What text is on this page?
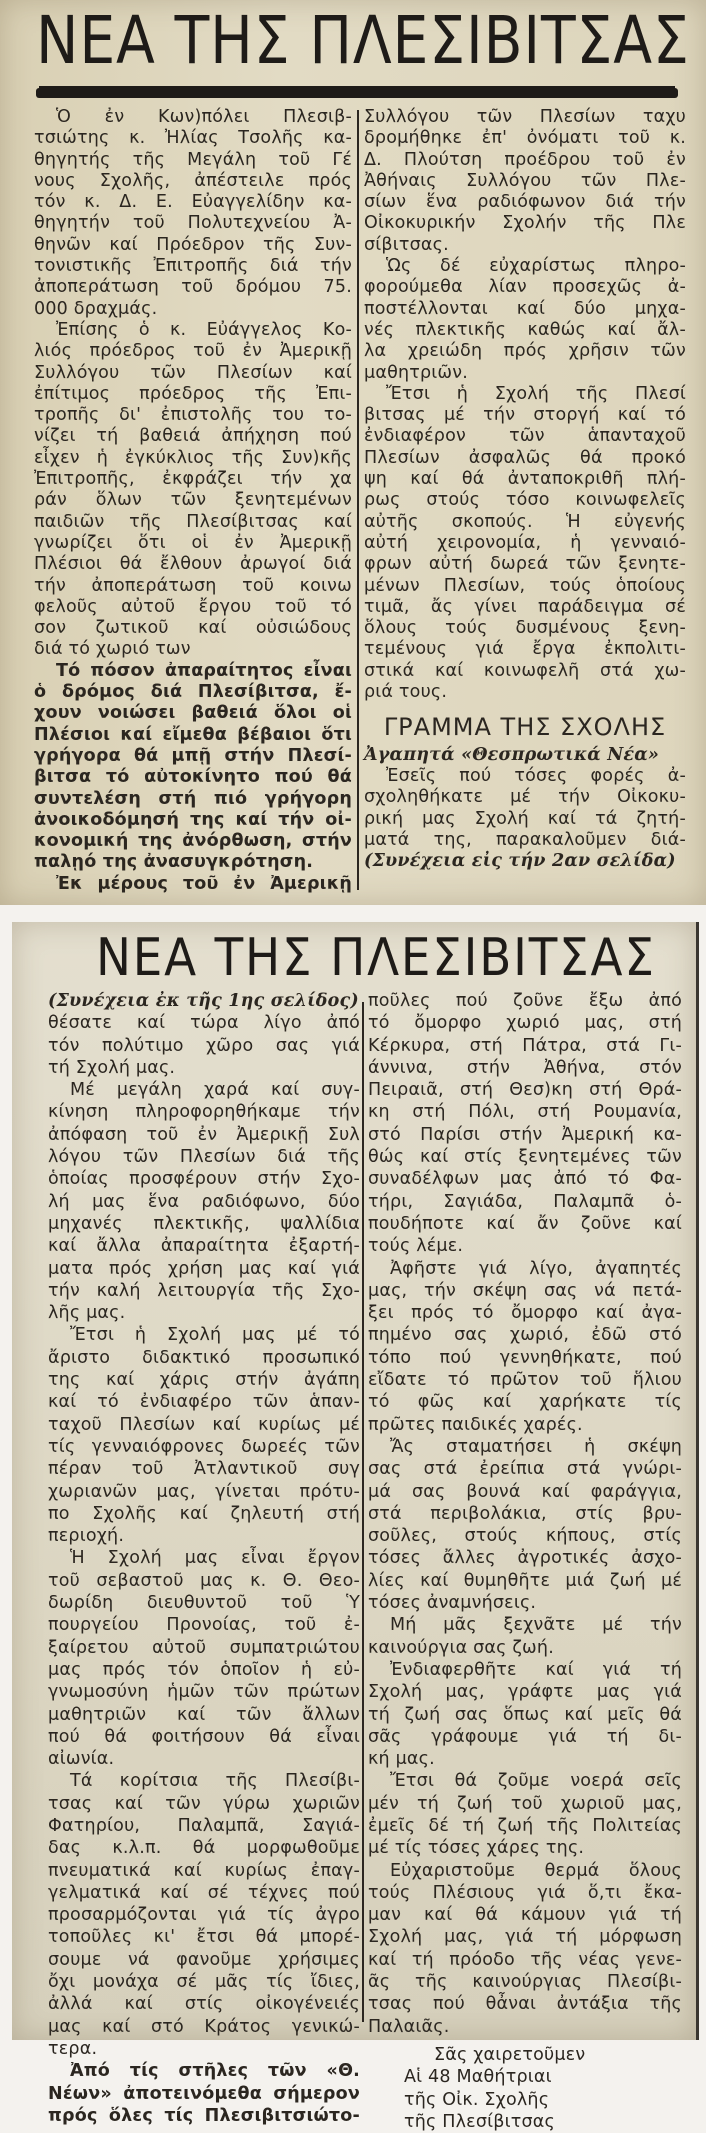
ΝΕΑ ΤΗΣ ΠΛΕΣΙΒΙΤΣΑΣ
Ὁ ἐν Κων)πόλει Πλεσιβ-
τσιώτης κ. Ἠλίας Τσολῆς κα-
θηγητής τῆς Μεγάλη τοῦ Γέ
νους Σχολῆς, ἀπέστειλε πρός
τόν κ. Δ. Ε. Εὐαγγελίδην κα-
θηγητήν τοῦ Πολυτεχνείου Ἀ-
θηνῶν καί Πρόεδρον τῆς Συν-
τονιστικῆς Ἐπιτροπῆς διά τήν
ἀποπεράτωση τοῦ δρόμου 75.
000 δραχμάς.
Ἐπίσης ὁ κ. Εὐάγγελος Κο-
λιός πρόεδρος τοῦ ἐν Ἀμερικῇ
Συλλόγου τῶν Πλεσίων καί
ἐπίτιμος πρόεδρος τῆς Ἐπι-
τροπῆς δι' ἐπιστολῆς του το-
νίζει τή βαθειά ἀπήχηση πού
εἶχεν ἡ ἐγκύκλιος τῆς Συν)κῆς
Ἐπιτροπῆς, ἐκφράζει τήν χα
ράν ὅλων τῶν ξενητεμένων
παιδιῶν τῆς Πλεσίβιτσας καί
γνωρίζει ὅτι οἱ ἐν Ἀμερικῇ
Πλέσιοι θά ἔλθουν ἀρωγοί διά
τήν ἀποπεράτωση τοῦ κοινω
φελοῦς αὐτοῦ ἔργου τοῦ τό
σον ζωτικοῦ καί οὐσιώδους
διά τό χωριό των
Τό πόσον ἀπαραίτητος εἶναι
ὁ δρόμος διά Πλεσίβιτσα, ἔ-
χουν νοιώσει βαθειά ὅλοι οἱ
Πλέσιοι καί εἴμεθα βέβαιοι ὅτι
γρήγορα θά μπῇ στήν Πλεσί-
βιτσα τό αὐτοκίνητο πού θά
συντελέση στή πιό γρήγορη
ἀνοικοδόμησή της καί τήν οἰ-
κονομική της ἀνόρθωση, στήν
παλῃό της ἀνασυγκρότηση.
Ἐκ μέρους τοῦ ἐν Ἀμερικῇ
Συλλόγου τῶν Πλεσίων ταχυ
δρομήθηκε ἐπ' ὀνόματι τοῦ κ.
Δ. Πλούτση προέδρου τοῦ ἐν
Ἀθήναις Συλλόγου τῶν Πλε-
σίων ἕνα ραδιόφωνον διά τήν
Οἰκοκυρικήν Σχολήν τῆς Πλε
σίβιτσας.
Ὡς δέ εὐχαρίστως πληρο-
φορούμεθα λίαν προσεχῶς ἀ-
ποστέλλονται καί δύο μηχα-
νές πλεκτικῆς καθώς καί ἄλ-
λα χρειώδη πρός χρῆσιν τῶν
μαθητριῶν.
Ἔτσι ἡ Σχολή τῆς Πλεσί
βιτσας μέ τήν στοργή καί τό
ἐνδιαφέρον τῶν ἁπανταχοῦ
Πλεσίων ἀσφαλῶς θά προκό
ψη καί θά ἀνταποκριθῆ πλή-
ρως στούς τόσο κοινωφελεῖς
αὐτῆς σκοπούς. Ἡ εὐγενής
αὐτή χειρονομία, ἡ γενναιό-
φρων αὐτή δωρεά τῶν ξενητε-
μένων Πλεσίων, τούς ὁποίους
τιμᾶ, ἄς γίνει παράδειγμα σέ
ὅλους τούς δυσμένους ξενη-
τεμένους γιά ἔργα ἐκπολιτι-
στικά καί κοινωφελῆ στά χω-
ριά τους.
ΓΡΑΜΜΑ ΤΗΣ ΣΧΟΛΗΣ
Ἀγαπητά «Θεσπρωτικά Νέα»
Ἐσεῖς πού τόσες φορές ἀ-
σχοληθήκατε μέ τήν Οἰκοκυ-
ρική μας Σχολή καί τά ζητή-
ματά της, παρακαλοῦμεν διά-
(Συνέχεια εἰς τήν 2αν σελίδα)
ΝΕΑ ΤΗΣ ΠΛΕΣΙΒΙΤΣΑΣ
(Συνέχεια ἐκ τῆς 1ης σελίδος)
θέσατε καί τώρα λίγο ἀπό
τόν πολύτιμο χῶρο σας γιά
τή Σχολή μας.
Μέ μεγάλη χαρά καί συγ-
κίνηση πληροφορηθήκαμε τήν
ἀπόφαση τοῦ ἐν Ἀμερικῇ Συλ
λόγου τῶν Πλεσίων διά τῆς
ὁποίας προσφέρουν στήν Σχο-
λή μας ἕνα ραδιόφωνο, δύο
μηχανές πλεκτικῆς, ψαλλίδια
καί ἄλλα ἀπαραίτητα ἐξαρτή-
ματα πρός χρήση μας καί γιά
τήν καλή λειτουργία τῆς Σχο-
λῆς μας.
Ἔτσι ἡ Σχολή μας μέ τό
ἄριστο διδακτικό προσωπικό
της καί χάρις στήν ἀγάπη
καί τό ἐνδιαφέρο τῶν ἁπαν-
ταχοῦ Πλεσίων καί κυρίως μέ
τίς γενναιόφρονες δωρεές τῶν
πέραν τοῦ Ἀτλαντικοῦ συγ
χωριανῶν μας, γίνεται πρότυ-
πο Σχολῆς καί ζηλευτή στή
περιοχή.
Ἡ Σχολή μας εἶναι ἔργον
τοῦ σεβαστοῦ μας κ. Θ. Θεο-
δωρίδη διευθυντοῦ τοῦ Ὑ
πουργείου Προνοίας, τοῦ ἐ-
ξαίρετου αὐτοῦ συμπατριώτου
μας πρός τόν ὁποῖον ἡ εὐ-
γνωμοσύνη ἡμῶν τῶν πρώτων
μαθητριῶν καί τῶν ἄλλων
πού θά φοιτήσουν θά εἶναι
αἰωνία.
Τά κορίτσια τῆς Πλεσίβι-
τσας καί τῶν γύρω χωριῶν
Φατηρίου, Παλαμπᾶ, Σαγιά-
δας κ.λ.π. θά μορφωθοῦμε
πνευματικά καί κυρίως ἐπαγ-
γελματικά καί σέ τέχνες πού
προσαρμόζονται γιά τίς ἀγρο
τοποῦλες κι' ἔτσι θά μπορέ-
σουμε νά φανοῦμε χρήσιμες
ὄχι μονάχα σέ μᾶς τίς ἴδιες,
ἀλλά καί στίς οἰκογένειές
μας καί στό Κράτος γενικώ-
τερα.
Ἀπό τίς στῆλες τῶν «Θ.
Νέων» ἀποτεινόμεθα σήμερον
πρός ὅλες τίς Πλεσιβιτσιώτο-
ποῦλες πού ζοῦνε ἔξω ἀπό
τό ὄμορφο χωριό μας, στή
Κέρκυρα, στή Πάτρα, στά Γι-
άννινα, στήν Ἀθήνα, στόν
Πειραιᾶ, στή Θεσ)κη στή Θρά-
κη στή Πόλι, στή Ρουμανία,
στό Παρίσι στήν Ἀμερική κα-
θώς καί στίς ξενητεμένες τῶν
συναδέλφων μας ἀπό τό Φα-
τήρι, Σαγιάδα, Παλαμπᾶ ὁ-
πουδήποτε καί ἄν ζοῦνε καί
τούς λέμε.
Ἀφῆστε γιά λίγο, ἀγαπητές
μας, τήν σκέψη σας νά πετά-
ξει πρός τό ὄμορφο καί ἀγα-
πημένο σας χωριό, ἐδῶ στό
τόπο πού γεννηθήκατε, πού
εἴδατε τό πρῶτον τοῦ ἥλιου
τό φῶς καί χαρήκατε τίς
πρῶτες παιδικές χαρές.
Ἄς σταματήσει ἡ σκέψη
σας στά ἐρείπια στά γνώρι-
μά σας βουνά καί φαράγγια,
στά περιβολάκια, στίς βρυ-
σοῦλες, στούς κήπους, στίς
τόσες ἄλλες ἀγροτικές ἀσχο-
λίες καί θυμηθῆτε μιά ζωή μέ
τόσες ἀναμνήσεις.
Μή μᾶς ξεχνᾶτε μέ τήν
καινούργια σας ζωή.
Ἐνδιαφερθῆτε καί γιά τή
Σχολή μας, γράφτε μας γιά
τή ζωή σας ὅπως καί μεῖς θά
σᾶς γράφουμε γιά τή δι-
κή μας.
Ἔτσι θά ζοῦμε νοερά σεῖς
μέν τή ζωή τοῦ χωριοῦ μας,
ἐμεῖς δέ τή ζωή τῆς Πολιτείας
μέ τίς τόσες χάρες της.
Εὐχαριστοῦμε θερμά ὅλους
τούς Πλέσιους γιά ὅ,τι ἔκα-
μαν καί θά κάμουν γιά τή
Σχολή μας, γιά τή μόρφωση
καί τή πρόοδο τῆς νέας γενε-
ᾶς τῆς καινούργιας Πλεσίβι-
τσας πού θἆναι ἀντάξια τῆς
Παλαιᾶς.
Σᾶς χαιρετοῦμεν
Αἱ 48 Μαθήτριαι
τῆς Οἰκ. Σχολῆς
τῆς Πλεσίβιτσας
